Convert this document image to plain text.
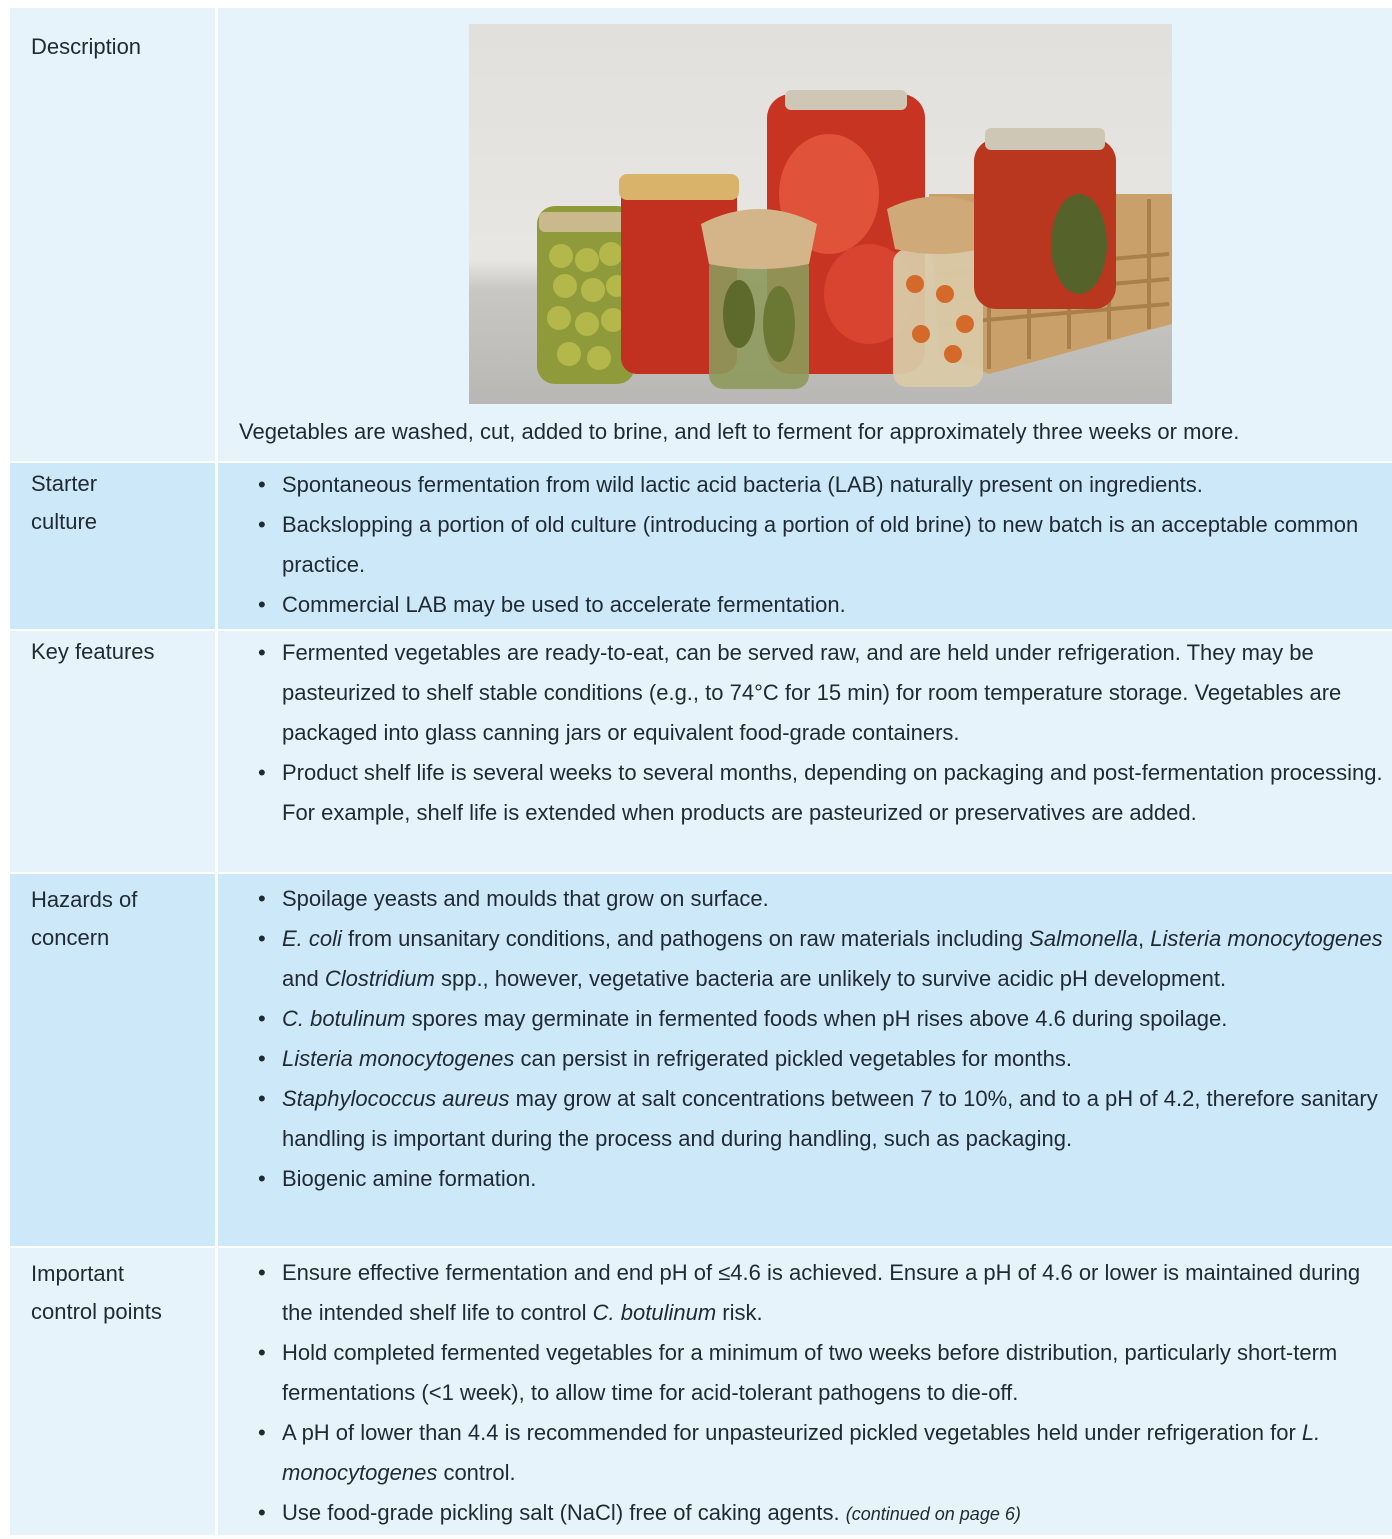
Description
Vegetables are washed, cut, added to brine, and left to ferment for approximately three weeks or more.
Starter
culture
• Spontaneous fermentation from wild lactic acid bacteria (LAB) naturally present on ingredients.
• Backslopping a portion of old culture (introducing a portion of old brine) to new batch is an acceptable common practice.
• Commercial LAB may be used to accelerate fermentation.
Key features	• Fermented vegetables are ready-to-eat, can be served raw, and are held under refrigeration. They may be pasteurized to shelf stable conditions (e.g., to 74°C for 15 min) for room temperature storage. Vegetables are packaged into glass canning jars or equivalent food-grade containers.
• Product shelf life is several weeks to several months, depending on packaging and post-fermentation processing. For example, shelf life is extended when products are pasteurized or preservatives are added.
Hazards of
concern
• Spoilage yeasts and moulds that grow on surface.
• E. coli from unsanitary conditions, and pathogens on raw materials including Salmonella, Listeria monocytogenes and Clostridium spp., however, vegetative bacteria are unlikely to survive acidic pH development.
• C. botulinum spores may germinate in fermented foods when pH rises above 4.6 during spoilage.
• Listeria monocytogenes can persist in refrigerated pickled vegetables for months.
• Staphylococcus aureus may grow at salt concentrations between 7 to 10%, and to a pH of 4.2, therefore sanitary handling is important during the process and during handling, such as packaging.
• Biogenic amine formation.
Important
control points
• Ensure effective fermentation and end pH of ≤4.6 is achieved. Ensure a pH of 4.6 or lower is maintained during the intended shelf life to control C. botulinum risk.
• Hold completed fermented vegetables for a minimum of two weeks before distribution, particularly short-term fermentations (<1 week), to allow time for acid-tolerant pathogens to die-off.
• A pH of lower than 4.4 is recommended for unpasteurized pickled vegetables held under refrigeration for L. monocytogenes control.
• Use food-grade pickling salt (NaCl) free of caking agents. (continued on page 6)
